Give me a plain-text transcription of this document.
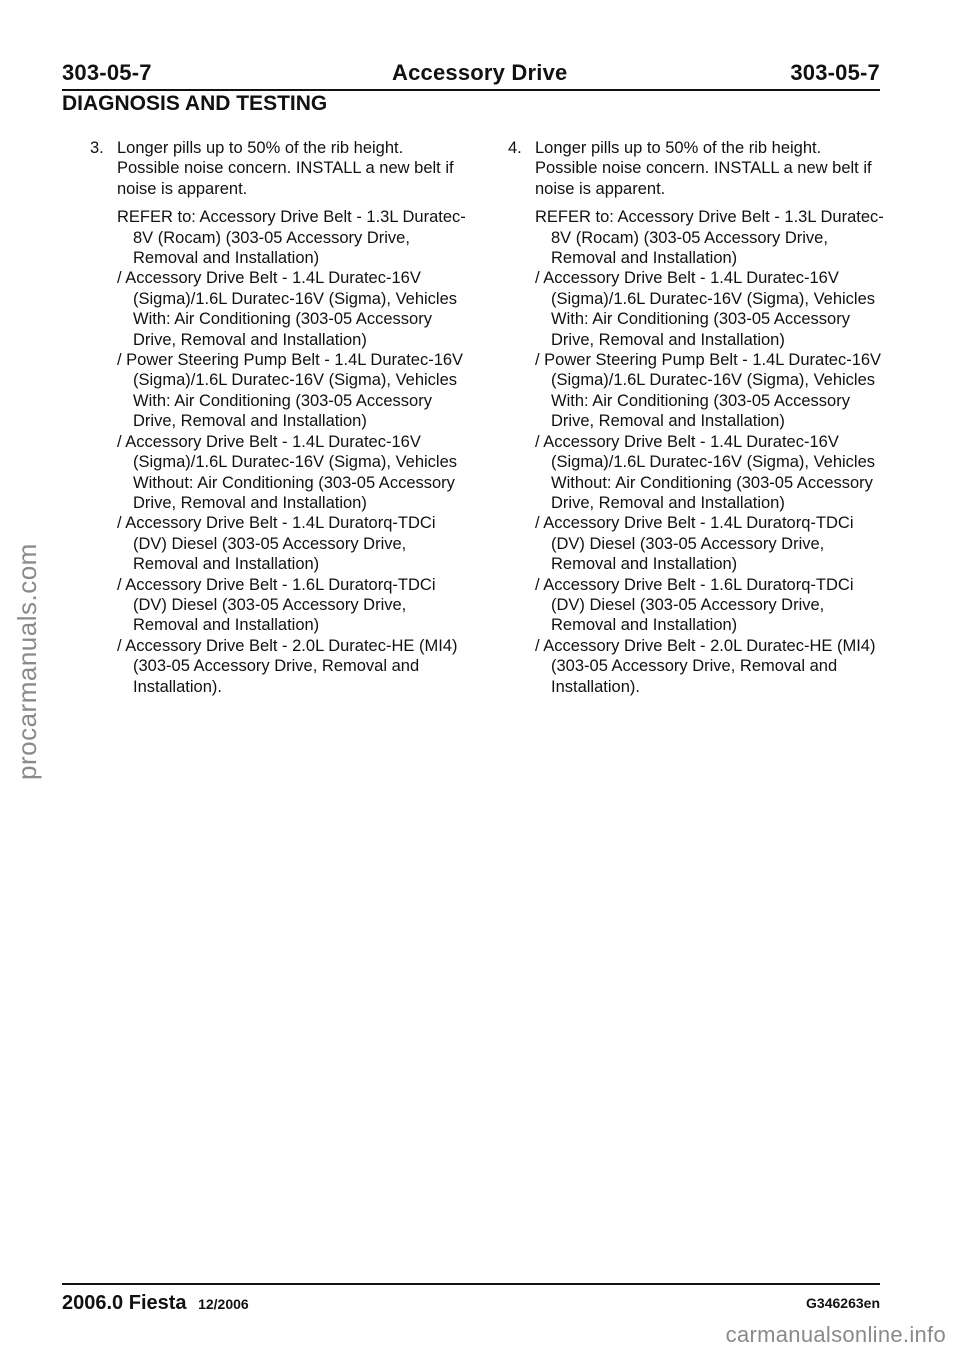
303-05-7	Accessory Drive	303-05-7
DIAGNOSIS AND TESTING
3. Longer pills up to 50% of the rib height. Possible noise concern. INSTALL a new belt if noise is apparent.
REFER to: Accessory Drive Belt - 1.3L Duratec-8V (Rocam) (303-05 Accessory Drive, Removal and Installation)
/ Accessory Drive Belt - 1.4L Duratec-16V (Sigma)/1.6L Duratec-16V (Sigma), Vehicles With: Air Conditioning (303-05 Accessory Drive, Removal and Installation)
/ Power Steering Pump Belt - 1.4L Duratec-16V (Sigma)/1.6L Duratec-16V (Sigma), Vehicles With: Air Conditioning (303-05 Accessory Drive, Removal and Installation)
/ Accessory Drive Belt - 1.4L Duratec-16V (Sigma)/1.6L Duratec-16V (Sigma), Vehicles Without: Air Conditioning (303-05 Accessory Drive, Removal and Installation)
/ Accessory Drive Belt - 1.4L Duratorq-TDCi (DV) Diesel (303-05 Accessory Drive, Removal and Installation)
/ Accessory Drive Belt - 1.6L Duratorq-TDCi (DV) Diesel (303-05 Accessory Drive, Removal and Installation)
/ Accessory Drive Belt - 2.0L Duratec-HE (MI4) (303-05 Accessory Drive, Removal and Installation).
4. Longer pills up to 50% of the rib height. Possible noise concern. INSTALL a new belt if noise is apparent.
REFER to: Accessory Drive Belt - 1.3L Duratec-8V (Rocam) (303-05 Accessory Drive, Removal and Installation)
/ Accessory Drive Belt - 1.4L Duratec-16V (Sigma)/1.6L Duratec-16V (Sigma), Vehicles With: Air Conditioning (303-05 Accessory Drive, Removal and Installation)
/ Power Steering Pump Belt - 1.4L Duratec-16V (Sigma)/1.6L Duratec-16V (Sigma), Vehicles With: Air Conditioning (303-05 Accessory Drive, Removal and Installation)
/ Accessory Drive Belt - 1.4L Duratec-16V (Sigma)/1.6L Duratec-16V (Sigma), Vehicles Without: Air Conditioning (303-05 Accessory Drive, Removal and Installation)
/ Accessory Drive Belt - 1.4L Duratorq-TDCi (DV) Diesel (303-05 Accessory Drive, Removal and Installation)
/ Accessory Drive Belt - 1.6L Duratorq-TDCi (DV) Diesel (303-05 Accessory Drive, Removal and Installation)
/ Accessory Drive Belt - 2.0L Duratec-HE (MI4) (303-05 Accessory Drive, Removal and Installation).
procarmanuals.com
2006.0 Fiesta 12/2006	G346263en
carmanualsonline.info
